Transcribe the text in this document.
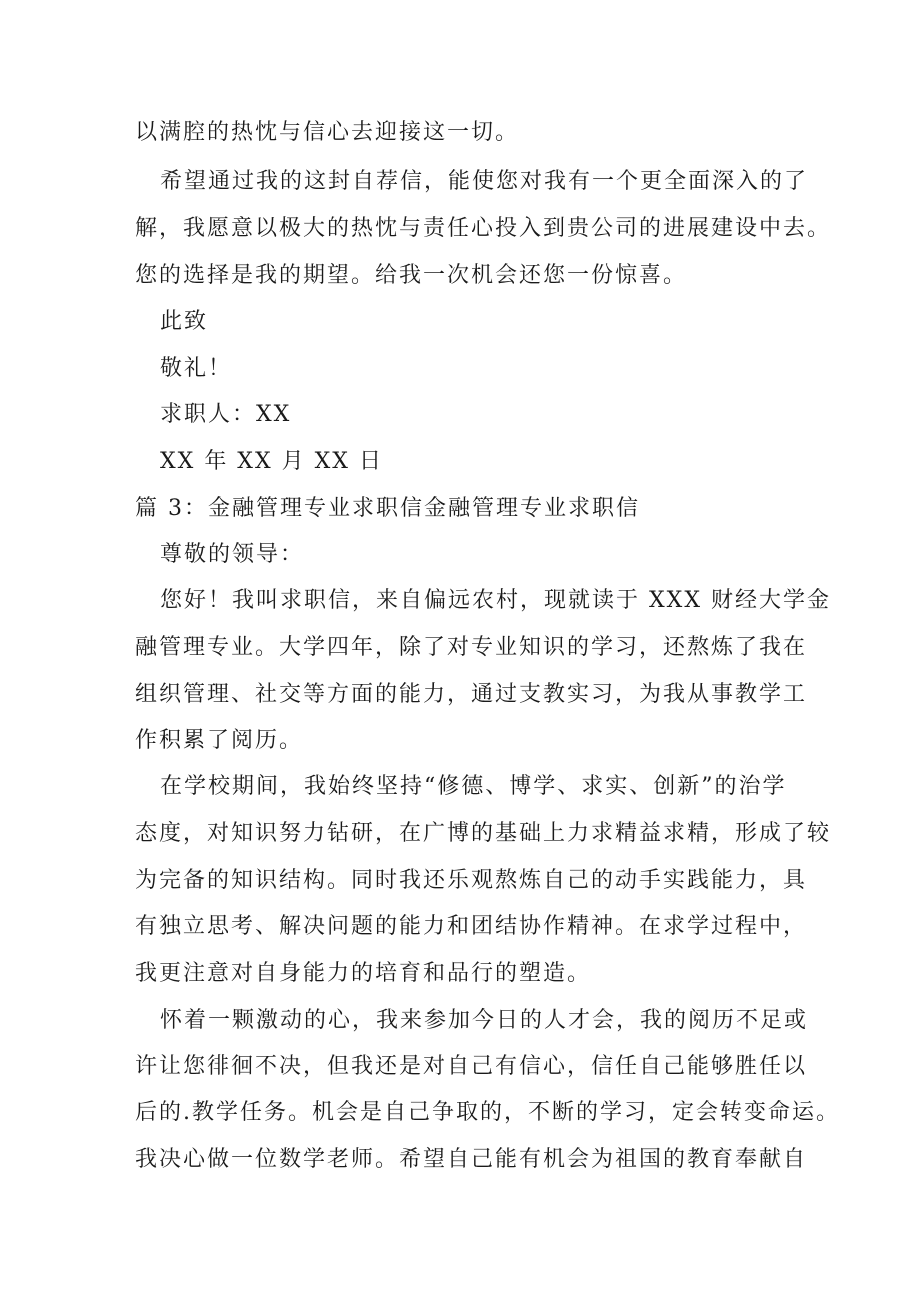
以满腔的热忱与信心去迎接这一切。
希望通过我的这封自荐信，能使您对我有一个更全面深入的了
解，我愿意以极大的热忱与责任心投入到贵公司的进展建设中去。
您的选择是我的期望。给我一次机会还您一份惊喜。
此致
敬礼！
求职人：XX
XX 年 XX 月 XX 日
篇 3：金融管理专业求职信金融管理专业求职信
尊敬的领导：
您好！我叫求职信，来自偏远农村，现就读于 XXX 财经大学金
融管理专业。大学四年，除了对专业知识的学习，还熬炼了我在
组织管理、社交等方面的能力，通过支教实习，为我从事教学工
作积累了阅历。
在学校期间，我始终坚持“修德、博学、求实、创新”的治学
态度，对知识努力钻研，在广博的基础上力求精益求精，形成了较
为完备的知识结构。同时我还乐观熬炼自己的动手实践能力，具
有独立思考、解决问题的能力和团结协作精神。在求学过程中，
我更注意对自身能力的培育和品行的塑造。
怀着一颗激动的心，我来参加今日的人才会，我的阅历不足或
许让您徘徊不决，但我还是对自己有信心，信任自己能够胜任以
后的.教学任务。机会是自己争取的，不断的学习，定会转变命运。
我决心做一位数学老师。希望自己能有机会为祖国的教育奉献自
